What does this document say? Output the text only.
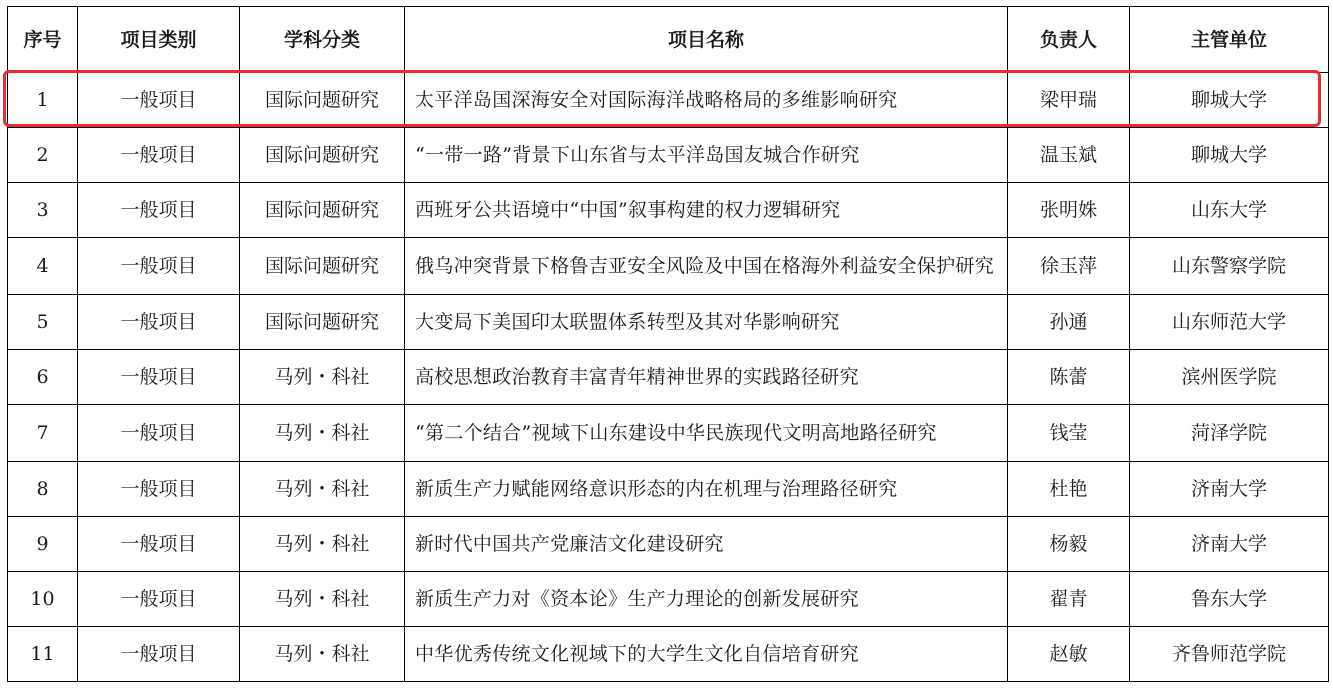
序号	项目类别	学科分类	项目名称	负责人	主管单位
1	一般项目	国际问题研究	太平洋岛国深海安全对国际海洋战略格局的多维影响研究	梁甲瑞	聊城大学
2	一般项目	国际问题研究	“一带一路”背景下山东省与太平洋岛国友城合作研究	温玉斌	聊城大学
3	一般项目	国际问题研究	西班牙公共语境中“中国”叙事构建的权力逻辑研究	张明姝	山东大学
4	一般项目	国际问题研究	俄乌冲突背景下格鲁吉亚安全风险及中国在格海外利益安全保护研究	徐玉萍	山东警察学院
5	一般项目	国际问题研究	大变局下美国印太联盟体系转型及其对华影响研究	孙通	山东师范大学
6	一般项目	马列・科社	高校思想政治教育丰富青年精神世界的实践路径研究	陈蕾	滨州医学院
7	一般项目	马列・科社	“第二个结合”视域下山东建设中华民族现代文明高地路径研究	钱莹	菏泽学院
8	一般项目	马列・科社	新质生产力赋能网络意识形态的内在机理与治理路径研究	杜艳	济南大学
9	一般项目	马列・科社	新时代中国共产党廉洁文化建设研究	杨毅	济南大学
10	一般项目	马列・科社	新质生产力对《资本论》生产力理论的创新发展研究	翟青	鲁东大学
11	一般项目	马列・科社	中华优秀传统文化视域下的大学生文化自信培育研究	赵敏	齐鲁师范学院
